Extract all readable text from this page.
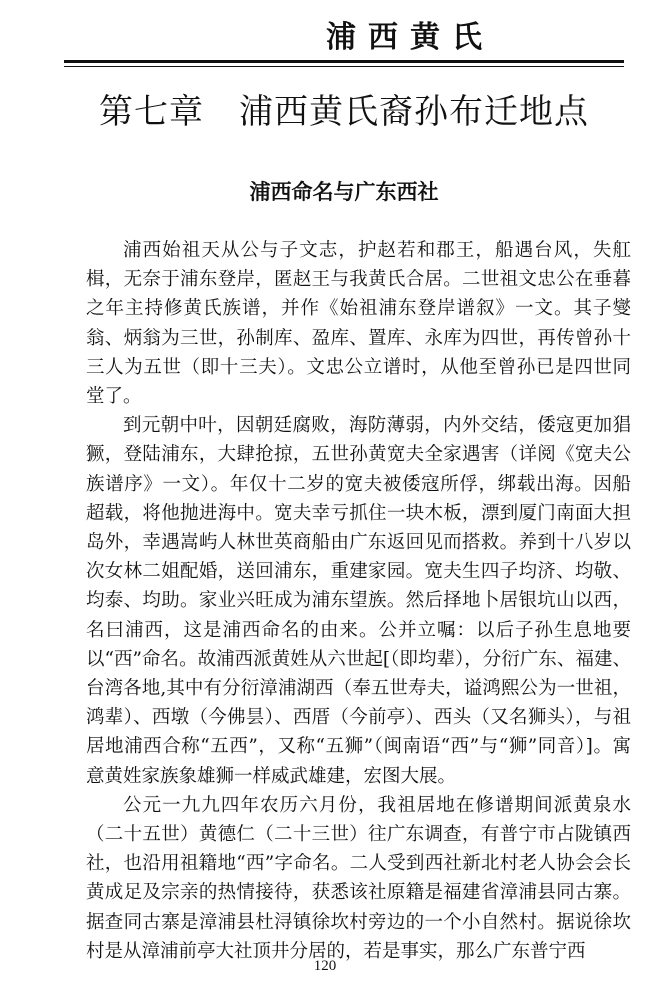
浦西黄氏
第七章　浦西黄氏裔孙布迁地点
浦西命名与广东西社

浦西始祖天从公与子文志，护赵若和郡王，船遇台风，失舡楫，无奈于浦东登岸，匿赵王与我黄氏合居。二世祖文忠公在垂暮之年主持修黄氏族谱，并作《始祖浦东登岸谱叙》一文。其子燮翁、炳翁为三世，孙制库、盈库、置库、永库为四世，再传曾孙十三人为五世（即十三夫）。文忠公立谱时，从他至曾孙已是四世同堂了。

到元朝中叶，因朝廷腐败，海防薄弱，内外交结，倭寇更加猖獗，登陆浦东，大肆抢掠，五世孙黄宽夫全家遇害（详阅《宽夫公族谱序》一文）。年仅十二岁的宽夫被倭寇所俘，绑载出海。因船超载，将他抛进海中。宽夫幸亏抓住一块木板，漂到厦门南面大担岛外，幸遇嵩屿人林世英商船由广东返回见而搭救。养到十八岁以次女林二姐配婚，送回浦东，重建家园。宽夫生四子均济、均敬、均泰、均助。家业兴旺成为浦东望族。然后择地卜居银坑山以西，名曰浦西，这是浦西命名的由来。公并立嘱：以后子孙生息地要以“西”命名。故浦西派黄姓从六世起[（即均辈），分衍广东、福建、台湾各地,其中有分衍漳浦湖西（奉五世寿夫，谥鸿熙公为一世祖，鸿辈）、西墩（今佛昙）、西厝（今前亭）、西头（又名狮头），与祖居地浦西合称“五西”，又称“五狮”（闽南语“西”与“狮”同音）]。寓意黄姓家族象雄狮一样威武雄建，宏图大展。

公元一九九四年农历六月份，我祖居地在修谱期间派黄泉水（二十五世）黄德仁（二十三世）往广东调查，有普宁市占陇镇西社，也沿用祖籍地“西”字命名。二人受到西社新北村老人协会会长黄成足及宗亲的热情接待，获悉该社原籍是福建省漳浦县同古寨。据查同古寨是漳浦县杜浔镇徐坎村旁边的一个小自然村。据说徐坎村是从漳浦前亭大社顶井分居的，若是事实，那么广东普宁西

120
